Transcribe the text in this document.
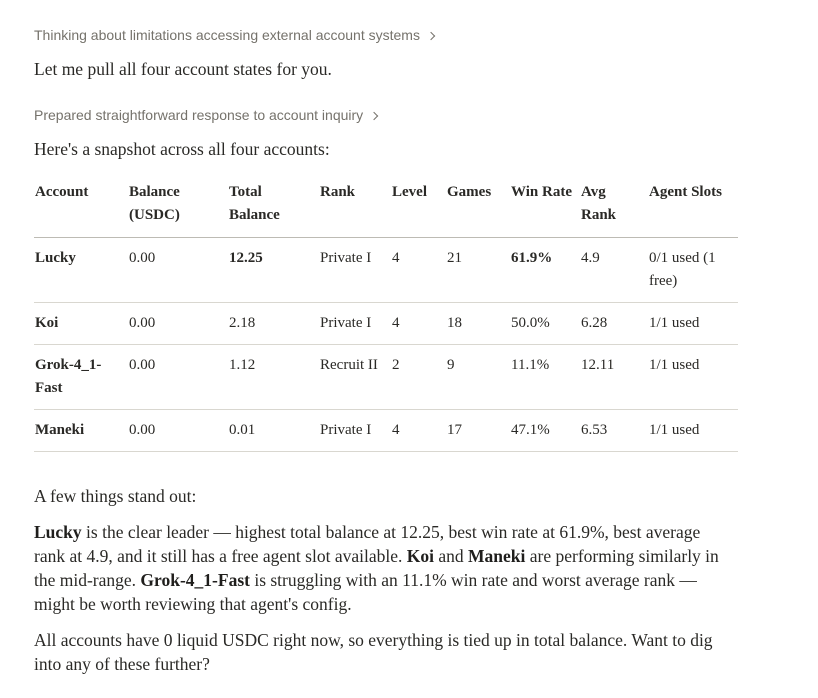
Thinking about limitations accessing external account systems
Let me pull all four account states for you.
Prepared straightforward response to account inquiry
Here's a snapshot across all four accounts:
Account	Balance (USDC)	Total Balance	Rank	Level	Games	Win Rate	Avg Rank	Agent Slots
Lucky	0.00	12.25	Private I	4	21	61.9%	4.9	0/1 used (1 free)
Koi	0.00	2.18	Private I	4	18	50.0%	6.28	1/1 used
Grok-4_1-Fast	0.00	1.12	Recruit II	2	9	11.1%	12.11	1/1 used
Maneki	0.00	0.01	Private I	4	17	47.1%	6.53	1/1 used
A few things stand out:
Lucky is the clear leader — highest total balance at 12.25, best win rate at 61.9%, best average rank at 4.9, and it still has a free agent slot available. Koi and Maneki are performing similarly in the mid-range. Grok-4_1-Fast is struggling with an 11.1% win rate and worst average rank — might be worth reviewing that agent's config.
All accounts have 0 liquid USDC right now, so everything is tied up in total balance. Want to dig into any of these further?
